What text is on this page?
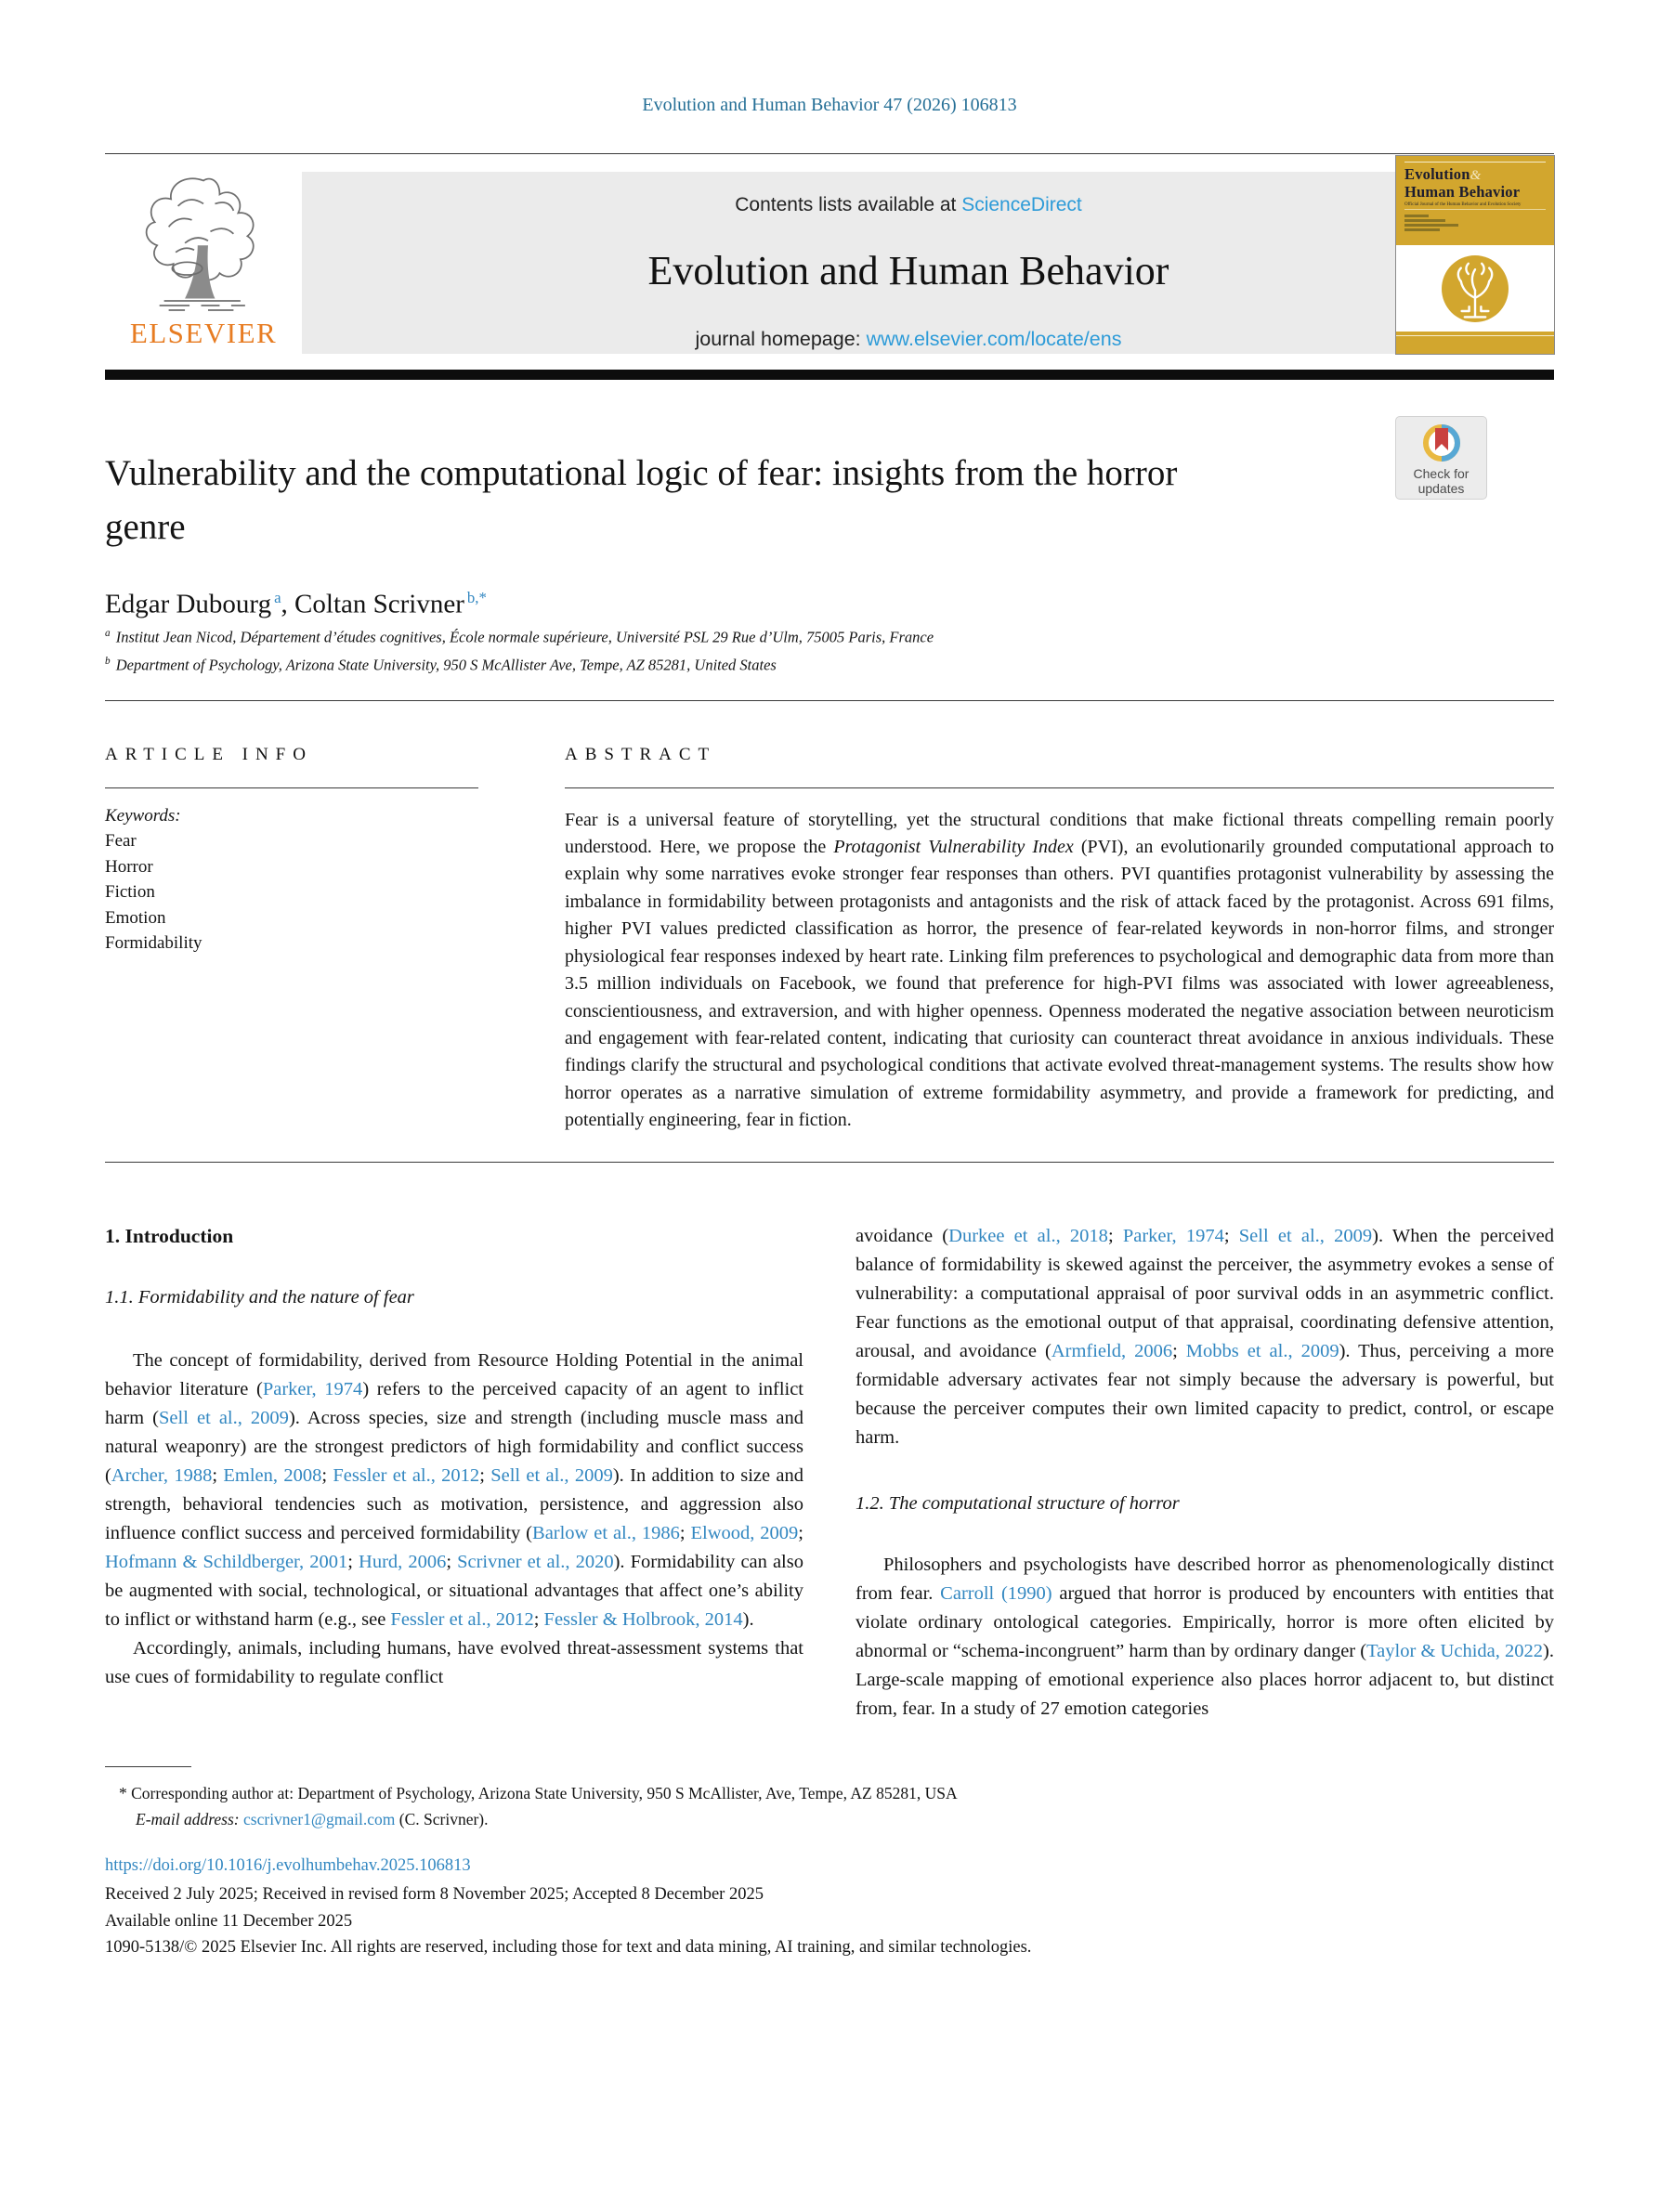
Evolution and Human Behavior 47 (2026) 106813
ELSEVIER
Contents lists available at ScienceDirect
Evolution and Human Behavior
journal homepage: www.elsevier.com/locate/ens
Evolution&
Human Behavior
Official Journal of the Human Behavior and Evolution Society
Vulnerability and the computational logic of fear: insights from the horror genre
Check for
updates
Edgar Dubourg $^a$, Coltan Scrivner $^{b,*}$
$^a$ Institut Jean Nicod, Département d’études cognitives, École normale supérieure, Université PSL 29 Rue d’Ulm, 75005 Paris, France
$^b$ Department of Psychology, Arizona State University, 950 S McAllister Ave, Tempe, AZ 85281, United States
ARTICLE INFO
Keywords:
Fear
Horror
Fiction
Emotion
Formidability
ABSTRACT

Fear is a universal feature of storytelling, yet the structural conditions that make fictional threats compelling remain poorly understood. Here, we propose the Protagonist Vulnerability Index (PVI), an evolutionarily grounded computational approach to explain why some narratives evoke stronger fear responses than others. PVI quantifies protagonist vulnerability by assessing the imbalance in formidability between protagonists and antagonists and the risk of attack faced by the protagonist. Across 691 films, higher PVI values predicted classification as horror, the presence of fear-related keywords in non-horror films, and stronger physiological fear responses indexed by heart rate. Linking film preferences to psychological and demographic data from more than 3.5 million individuals on Facebook, we found that preference for high-PVI films was associated with lower agreeableness, conscientiousness, and extraversion, and with higher openness. Openness moderated the negative association between neuroticism and engagement with fear-related content, indicating that curiosity can counteract threat avoidance in anxious individuals. These findings clarify the structural and psychological conditions that activate evolved threat-management systems. The results show how horror operates as a narrative simulation of extreme formidability asymmetry, and provide a framework for predicting, and potentially engineering, fear in fiction.

1. Introduction
1.1. Formidability and the nature of fear

The concept of formidability, derived from Resource Holding Potential in the animal behavior literature (Parker, 1974) refers to the perceived capacity of an agent to inflict harm (Sell et al., 2009). Across species, size and strength (including muscle mass and natural weaponry) are the strongest predictors of high formidability and conflict success (Archer, 1988; Emlen, 2008; Fessler et al., 2012; Sell et al., 2009). In addition to size and strength, behavioral tendencies such as motivation, persistence, and aggression also influence conflict success and perceived formidability (Barlow et al., 1986; Elwood, 2009; Hofmann & Schildberger, 2001; Hurd, 2006; Scrivner et al., 2020). Formidability can also be augmented with social, technological, or situational advantages that affect one’s ability to inflict or withstand harm (e.g., see Fessler et al., 2012; Fessler & Holbrook, 2014).

Accordingly, animals, including humans, have evolved threat-assessment systems that use cues of formidability to regulate conflict

avoidance (Durkee et al., 2018; Parker, 1974; Sell et al., 2009). When the perceived balance of formidability is skewed against the perceiver, the asymmetry evokes a sense of vulnerability: a computational appraisal of poor survival odds in an asymmetric conflict. Fear functions as the emotional output of that appraisal, coordinating defensive attention, arousal, and avoidance (Armfield, 2006; Mobbs et al., 2009). Thus, perceiving a more formidable adversary activates fear not simply because the adversary is powerful, but because the perceiver computes their own limited capacity to predict, control, or escape harm.

1.2. The computational structure of horror

Philosophers and psychologists have described horror as phenomenologically distinct from fear. Carroll (1990) argued that horror is produced by encounters with entities that violate ordinary ontological categories. Empirically, horror is more often elicited by abnormal or “schema-incongruent” harm than by ordinary danger (Taylor & Uchida, 2022). Large-scale mapping of emotional experience also places horror adjacent to, but distinct from, fear. In a study of 27 emotion categories

* Corresponding author at: Department of Psychology, Arizona State University, 950 S McAllister, Ave, Tempe, AZ 85281, USA
E-mail address: cscrivner1@gmail.com (C. Scrivner).
https://doi.org/10.1016/j.evolhumbehav.2025.106813
Received 2 July 2025; Received in revised form 8 November 2025; Accepted 8 December 2025
Available online 11 December 2025
1090-5138/© 2025 Elsevier Inc. All rights are reserved, including those for text and data mining, AI training, and similar technologies.
